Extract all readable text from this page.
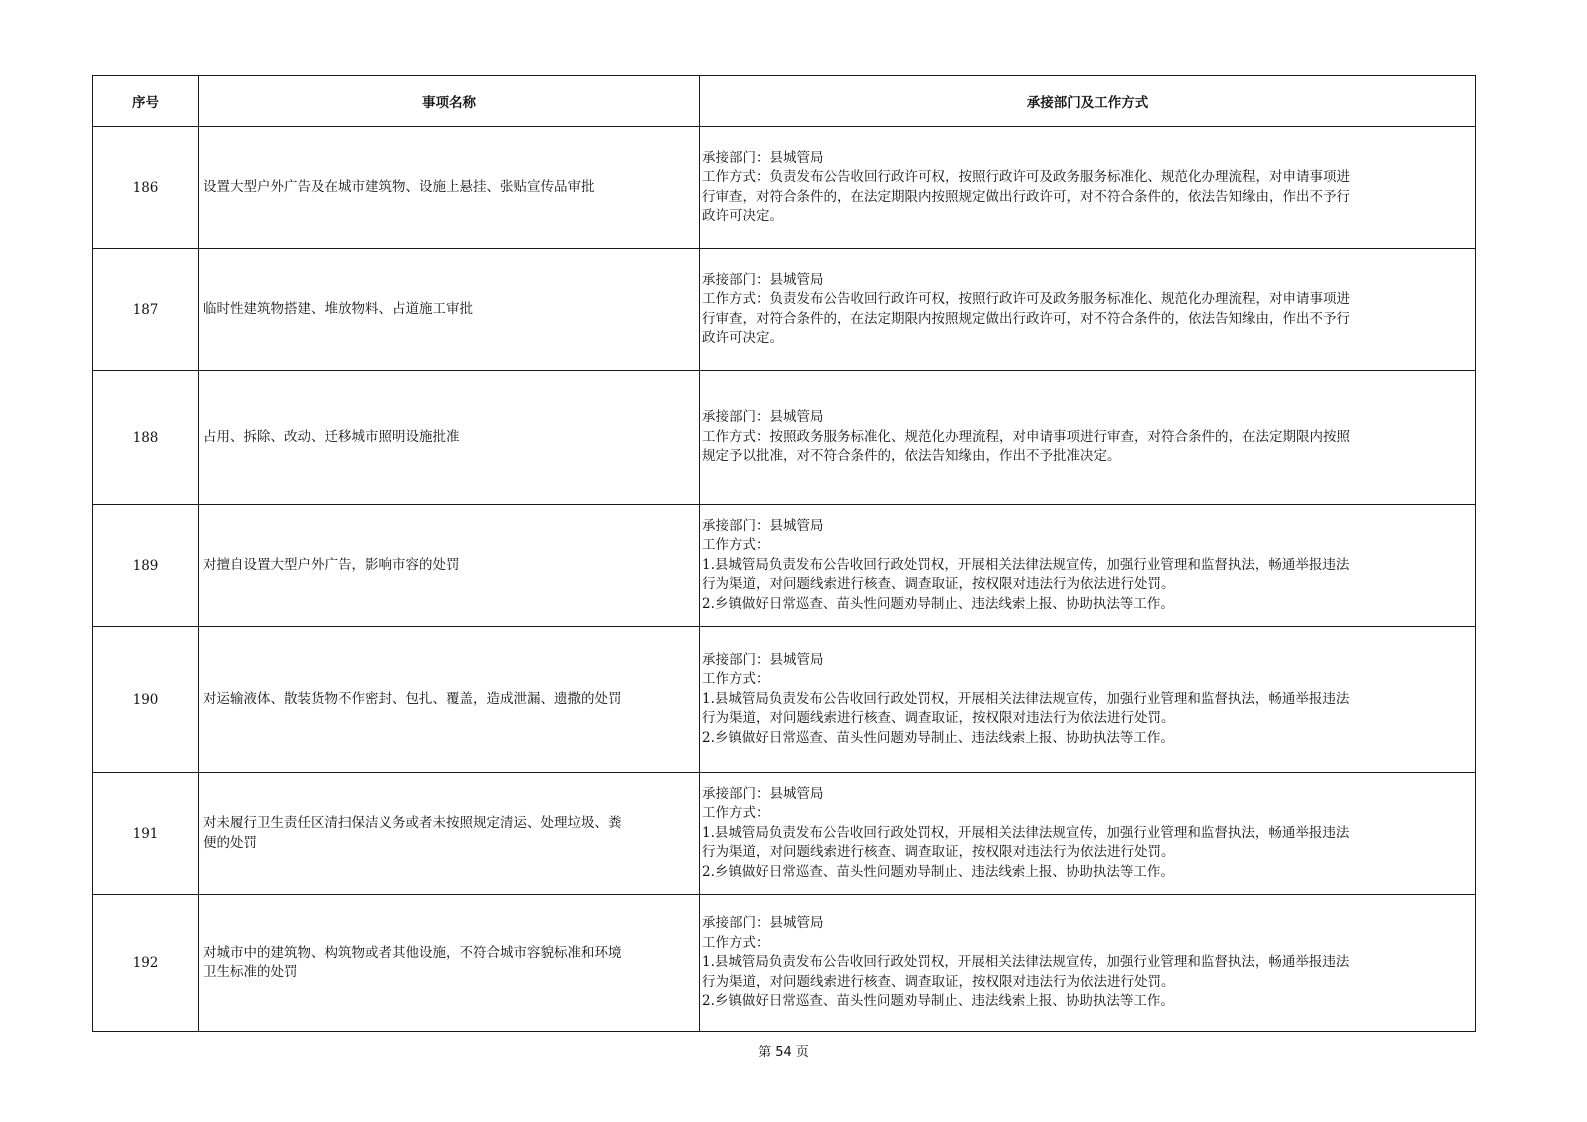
序号	事项名称	承接部门及工作方式
186	设置大型户外广告及在城市建筑物、设施上悬挂、张贴宣传品审批	承接部门：县城管局
工作方式：负责发布公告收回行政许可权，按照行政许可及政务服务标准化、规范化办理流程，对申请事项进
行审查，对符合条件的，在法定期限内按照规定做出行政许可，对不符合条件的，依法告知缘由，作出不予行
政许可决定。

187	临时性建筑物搭建、堆放物料、占道施工审批	承接部门：县城管局
工作方式：负责发布公告收回行政许可权，按照行政许可及政务服务标准化、规范化办理流程，对申请事项进
行审查，对符合条件的，在法定期限内按照规定做出行政许可，对不符合条件的，依法告知缘由，作出不予行
政许可决定。

188	占用、拆除、改动、迁移城市照明设施批准	承接部门：县城管局
工作方式：按照政务服务标准化、规范化办理流程，对申请事项进行审查，对符合条件的，在法定期限内按照
规定予以批准，对不符合条件的，依法告知缘由，作出不予批准决定。

189	对擅自设置大型户外广告，影响市容的处罚	承接部门：县城管局
工作方式：
1.县城管局负责发布公告收回行政处罚权，开展相关法律法规宣传，加强行业管理和监督执法，畅通举报违法
行为渠道，对问题线索进行核查、调查取证，按权限对违法行为依法进行处罚。
2.乡镇做好日常巡查、苗头性问题劝导制止、违法线索上报、协助执法等工作。

190	对运输液体、散装货物不作密封、包扎、覆盖，造成泄漏、遗撒的处罚	承接部门：县城管局
工作方式：
1.县城管局负责发布公告收回行政处罚权，开展相关法律法规宣传，加强行业管理和监督执法，畅通举报违法
行为渠道，对问题线索进行核查、调查取证，按权限对违法行为依法进行处罚。
2.乡镇做好日常巡查、苗头性问题劝导制止、违法线索上报、协助执法等工作。

191	对未履行卫生责任区清扫保洁义务或者未按照规定清运、处理垃圾、粪
便的处罚	承接部门：县城管局
工作方式：
1.县城管局负责发布公告收回行政处罚权，开展相关法律法规宣传，加强行业管理和监督执法，畅通举报违法
行为渠道，对问题线索进行核查、调查取证，按权限对违法行为依法进行处罚。
2.乡镇做好日常巡查、苗头性问题劝导制止、违法线索上报、协助执法等工作。

192	对城市中的建筑物、构筑物或者其他设施，不符合城市容貌标准和环境
卫生标准的处罚	承接部门：县城管局
工作方式：
1.县城管局负责发布公告收回行政处罚权，开展相关法律法规宣传，加强行业管理和监督执法，畅通举报违法
行为渠道，对问题线索进行核查、调查取证，按权限对违法行为依法进行处罚。
2.乡镇做好日常巡查、苗头性问题劝导制止、违法线索上报、协助执法等工作。
第 54 页
